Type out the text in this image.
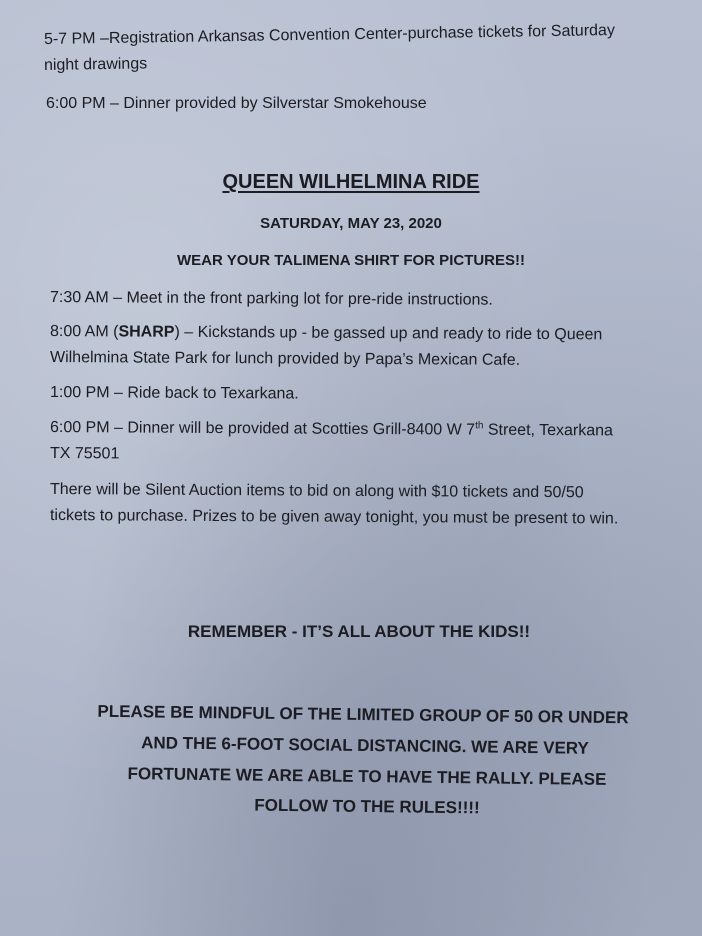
5-7 PM –Registration Arkansas Convention Center-purchase tickets for Saturday

night drawings

6:00 PM – Dinner provided by Silverstar Smokehouse

QUEEN WILHELMINA RIDE

SATURDAY, MAY 23, 2020

WEAR YOUR TALIMENA SHIRT FOR PICTURES!!

7:30 AM – Meet in the front parking lot for pre-ride instructions.

8:00 AM (SHARP) – Kickstands up - be gassed up and ready to ride to Queen

Wilhelmina State Park for lunch provided by Papa’s Mexican Cafe.

1:00 PM – Ride back to Texarkana.

6:00 PM – Dinner will be provided at Scotties Grill-8400 W 7th Street, Texarkana

TX 75501

There will be Silent Auction items to bid on along with $10 tickets and 50/50

tickets to purchase. Prizes to be given away tonight, you must be present to win.

REMEMBER - IT’S ALL ABOUT THE KIDS!!

PLEASE BE MINDFUL OF THE LIMITED GROUP OF 50 OR UNDER

AND THE 6-FOOT SOCIAL DISTANCING. WE ARE VERY

FORTUNATE WE ARE ABLE TO HAVE THE RALLY. PLEASE

FOLLOW TO THE RULES!!!!
